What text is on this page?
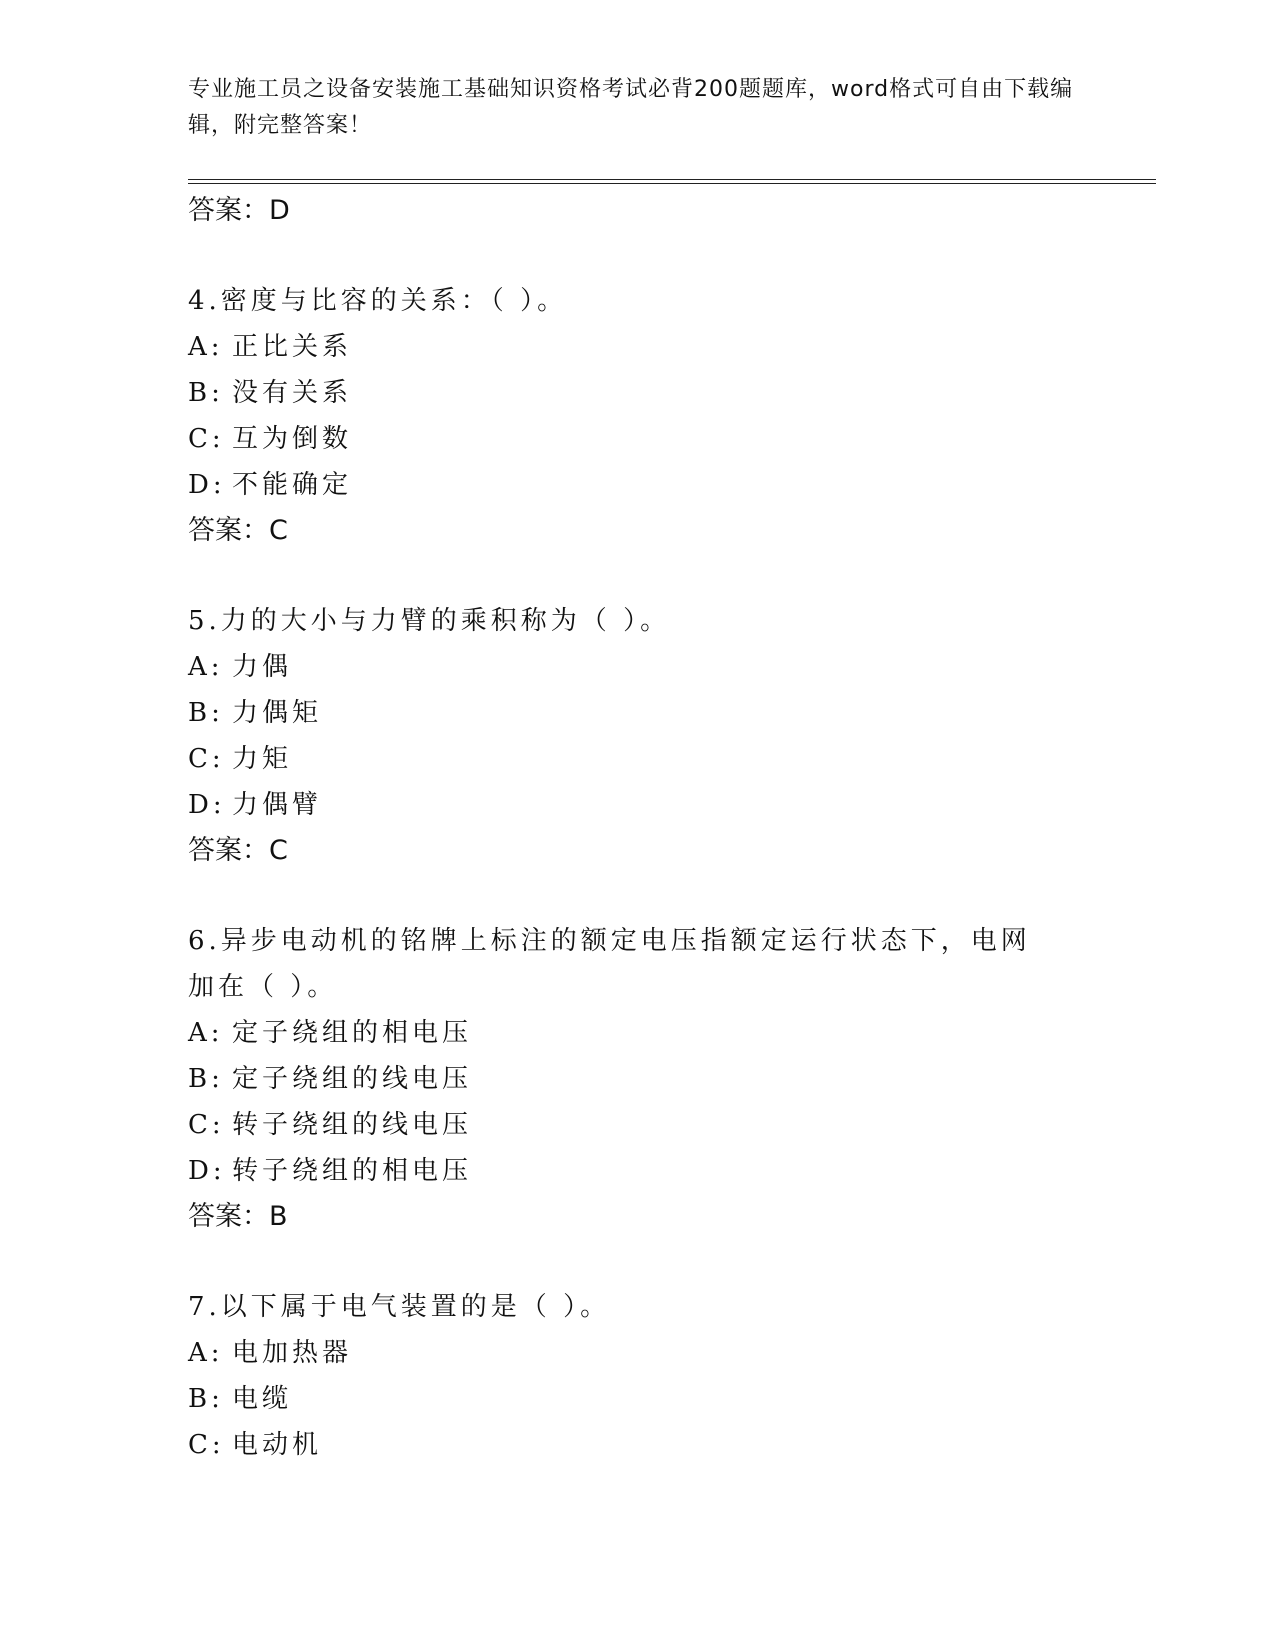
专业施工员之设备安装施工基础知识资格考试必背200题题库，word格式可自由下载编辑，附完整答案！
答案：D
4.密度与比容的关系：（ ）。
A: 正比关系
B: 没有关系
C: 互为倒数
D: 不能确定
答案：C
5.力的大小与力臂的乘积称为（ ）。
A: 力偶
B: 力偶矩
C: 力矩
D: 力偶臂
答案：C
6.异步电动机的铭牌上标注的额定电压指额定运行状态下，电网加在（ ）。
A: 定子绕组的相电压
B: 定子绕组的线电压
C: 转子绕组的线电压
D: 转子绕组的相电压
答案：B
7.以下属于电气装置的是（ ）。
A: 电加热器
B: 电缆
C: 电动机
